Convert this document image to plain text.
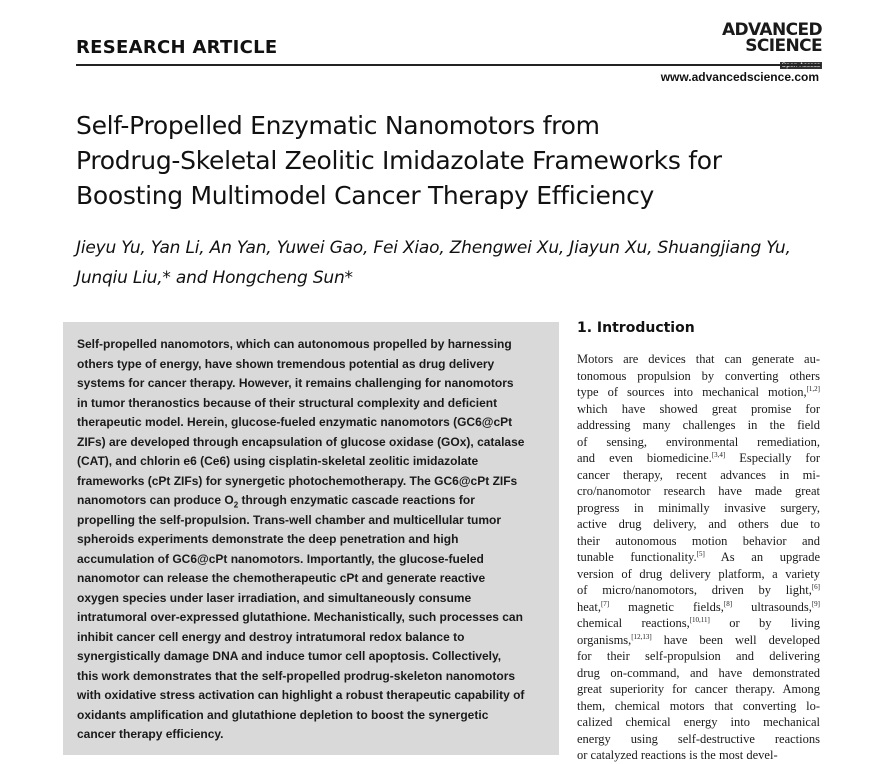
RESEARCH ARTICLE
ADVANCED
SCIENCE
www.advancedscience.com
Self-Propelled Enzymatic Nanomotors from
Prodrug-Skeletal Zeolitic Imidazolate Frameworks for
Boosting Multimodel Cancer Therapy Efficiency
Jieyu Yu, Yan Li, An Yan, Yuwei Gao, Fei Xiao, Zhengwei Xu, Jiayun Xu, Shuangjiang Yu,
Junqiu Liu,* and Hongcheng Sun*
Self-propelled nanomotors, which can autonomous propelled by harnessing
others type of energy, have shown tremendous potential as drug delivery
systems for cancer therapy. However, it remains challenging for nanomotors
in tumor theranostics because of their structural complexity and deficient
therapeutic model. Herein, glucose-fueled enzymatic nanomotors (GC6@cPt
ZIFs) are developed through encapsulation of glucose oxidase (GOx), catalase
(CAT), and chlorin e6 (Ce6) using cisplatin-skeletal zeolitic imidazolate
frameworks (cPt ZIFs) for synergetic photochemotherapy. The GC6@cPt ZIFs
nanomotors can produce $O_2$ through enzymatic cascade reactions for
propelling the self-propulsion. Trans-well chamber and multicellular tumor
spheroids experiments demonstrate the deep penetration and high
accumulation of GC6@cPt nanomotors. Importantly, the glucose-fueled
nanomotor can release the chemotherapeutic cPt and generate reactive
oxygen species under laser irradiation, and simultaneously consume
intratumoral over-expressed glutathione. Mechanistically, such processes can
inhibit cancer cell energy and destroy intratumoral redox balance to
synergistically damage DNA and induce tumor cell apoptosis. Collectively,
this work demonstrates that the self-propelled prodrug-skeleton nanomotors
with oxidative stress activation can highlight a robust therapeutic capability of
oxidants amplification and glutathione depletion to boost the synergetic
cancer therapy efficiency.
1. Introduction
Motors are devices that can generate au-
tonomous propulsion by converting others
type of sources into mechanical motion,[1,2]
which have showed great promise for
addressing many challenges in the field
of sensing, environmental remediation,
and even biomedicine.[3,4] Especially for
cancer therapy, recent advances in mi-
cro/nanomotor research have made great
progress in minimally invasive surgery,
active drug delivery, and others due to
their autonomous motion behavior and
tunable functionality.[5] As an upgrade
version of drug delivery platform, a variety
of micro/nanomotors, driven by light,[6]
heat,[7] magnetic fields,[8] ultrasounds,[9]
chemical reactions,[10,11] or by living
organisms,[12,13] have been well developed
for their self-propulsion and delivering
drug on-command, and have demonstrated
great superiority for cancer therapy. Among
them, chemical motors that converting lo-
calized chemical energy into mechanical
energy using self-destructive reactions
or catalyzed reactions is the most devel-
